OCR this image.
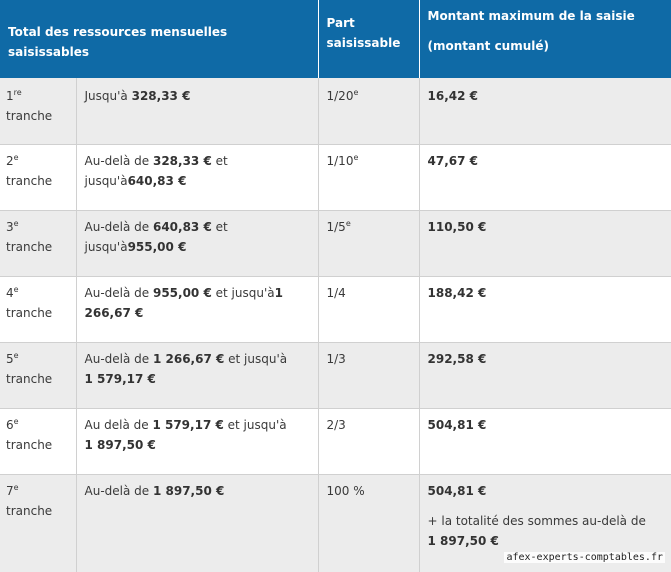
Total des ressources mensuelles saisissables		Part saisissable	Montant maximum de la saisie
(montant cumulé)
1re
tranche	Jusqu'à 328,33 €	1/20e	16,42 €
2e
tranche	Au-delà de 328,33 € et jusqu'à640,83 €	1/10e	47,67 €
3e
tranche	Au-delà de 640,83 € et jusqu'à955,00 €	1/5e	110,50 €
4e
tranche	Au-delà de 955,00 € et jusqu'à1 266,67 €	1/4	188,42 €
5e
tranche	Au-delà de 1 266,67 € et jusqu'à
1 579,17 €	1/3	292,58 €
6e
tranche	Au delà de 1 579,17 € et jusqu'à
1 897,50 €	2/3	504,81 €
7e
tranche	Au-delà de 1 897,50 €	100 %	504,81 €
+ la totalité des sommes au-delà de
1 897,50 €
afex-experts-comptables.fr
